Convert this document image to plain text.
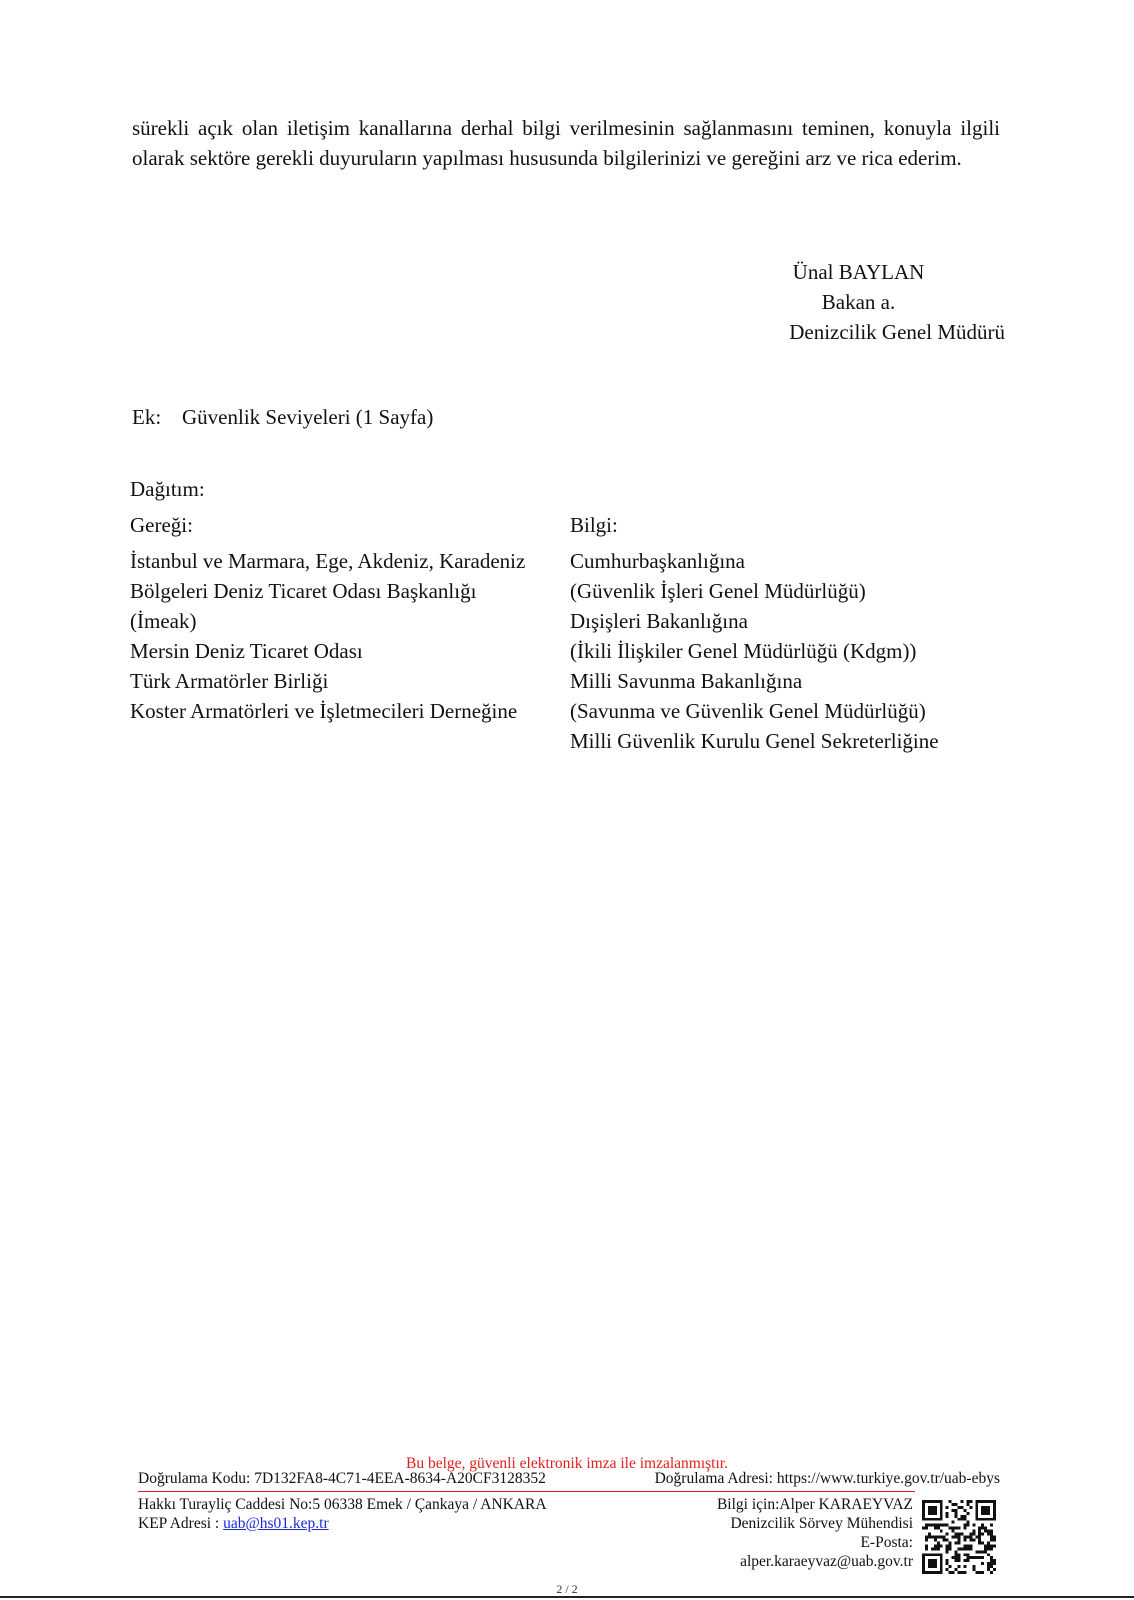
sürekli açık olan iletişim kanallarına derhal bilgi verilmesinin sağlanmasını teminen, konuyla ilgili olarak sektöre gerekli duyuruların yapılması hususunda bilgilerinizi ve gereğini arz ve rica ederim.

Ünal BAYLAN
Bakan a.
Denizcilik Genel Müdürü
Ek: Güvenlik Seviyeleri (1 Sayfa)
Dağıtım:
Gereği:
İstanbul ve Marmara, Ege, Akdeniz, Karadeniz
Bölgeleri Deniz Ticaret Odası Başkanlığı
(İmeak)
Mersin Deniz Ticaret Odası
Türk Armatörler Birliği
Koster Armatörleri ve İşletmecileri Derneğine
Bilgi:
Cumhurbaşkanlığına
(Güvenlik İşleri Genel Müdürlüğü)
Dışişleri Bakanlığına
(İkili İlişkiler Genel Müdürlüğü (Kdgm))
Milli Savunma Bakanlığına
(Savunma ve Güvenlik Genel Müdürlüğü)
Milli Güvenlik Kurulu Genel Sekreterliğine
Bu belge, güvenli elektronik imza ile imzalanmıştır.
Doğrulama Kodu: 7D132FA8-4C71-4EEA-8634-A20CF3128352	Doğrulama Adresi: https://www.turkiye.gov.tr/uab-ebys
Hakkı Turayliç Caddesi No:5 06338 Emek / Çankaya / ANKARA
KEP Adresi : uab@hs01.kep.tr
Bilgi için:Alper KARAEYVAZ
Denizcilik Sörvey Mühendisi
E-Posta:
alper.karaeyvaz@uab.gov.tr
2 / 2
